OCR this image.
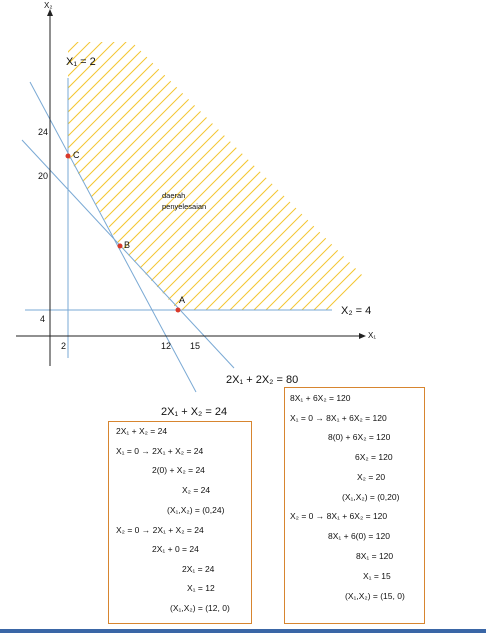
X₂
X₁
24
20
4
2	12 15
X₁ = 2
X₂ = 4
2X₁ + 2X₂ = 80
2X₁ + X₂ = 24
C
B
A
daerah
penyelesaian
2X₁ + X₂ = 24
X₁ = 0 → 2X₁ + X₂ = 24
2(0) + X₂ = 24
X₂ = 24
(X₁,X₂) = (0,24)
X₂ = 0 → 2X₁ + X₂ = 24
2X₁ + 0 = 24
2X₁ = 24
X₁ = 12
(X₁,X₂) = (12, 0)
8X₁ + 6X₂ = 120
X₁ = 0 → 8X₁ + 6X₂ = 120
8(0) + 6X₂ = 120
6X₂ = 120
X₂ = 20
(X₁,X₂) = (0,20)
X₂ = 0 → 8X₁ + 6X₂ = 120
8X₁ + 6(0) = 120
8X₁ = 120
X₁ = 15
(X₁,X₂) = (15, 0)
